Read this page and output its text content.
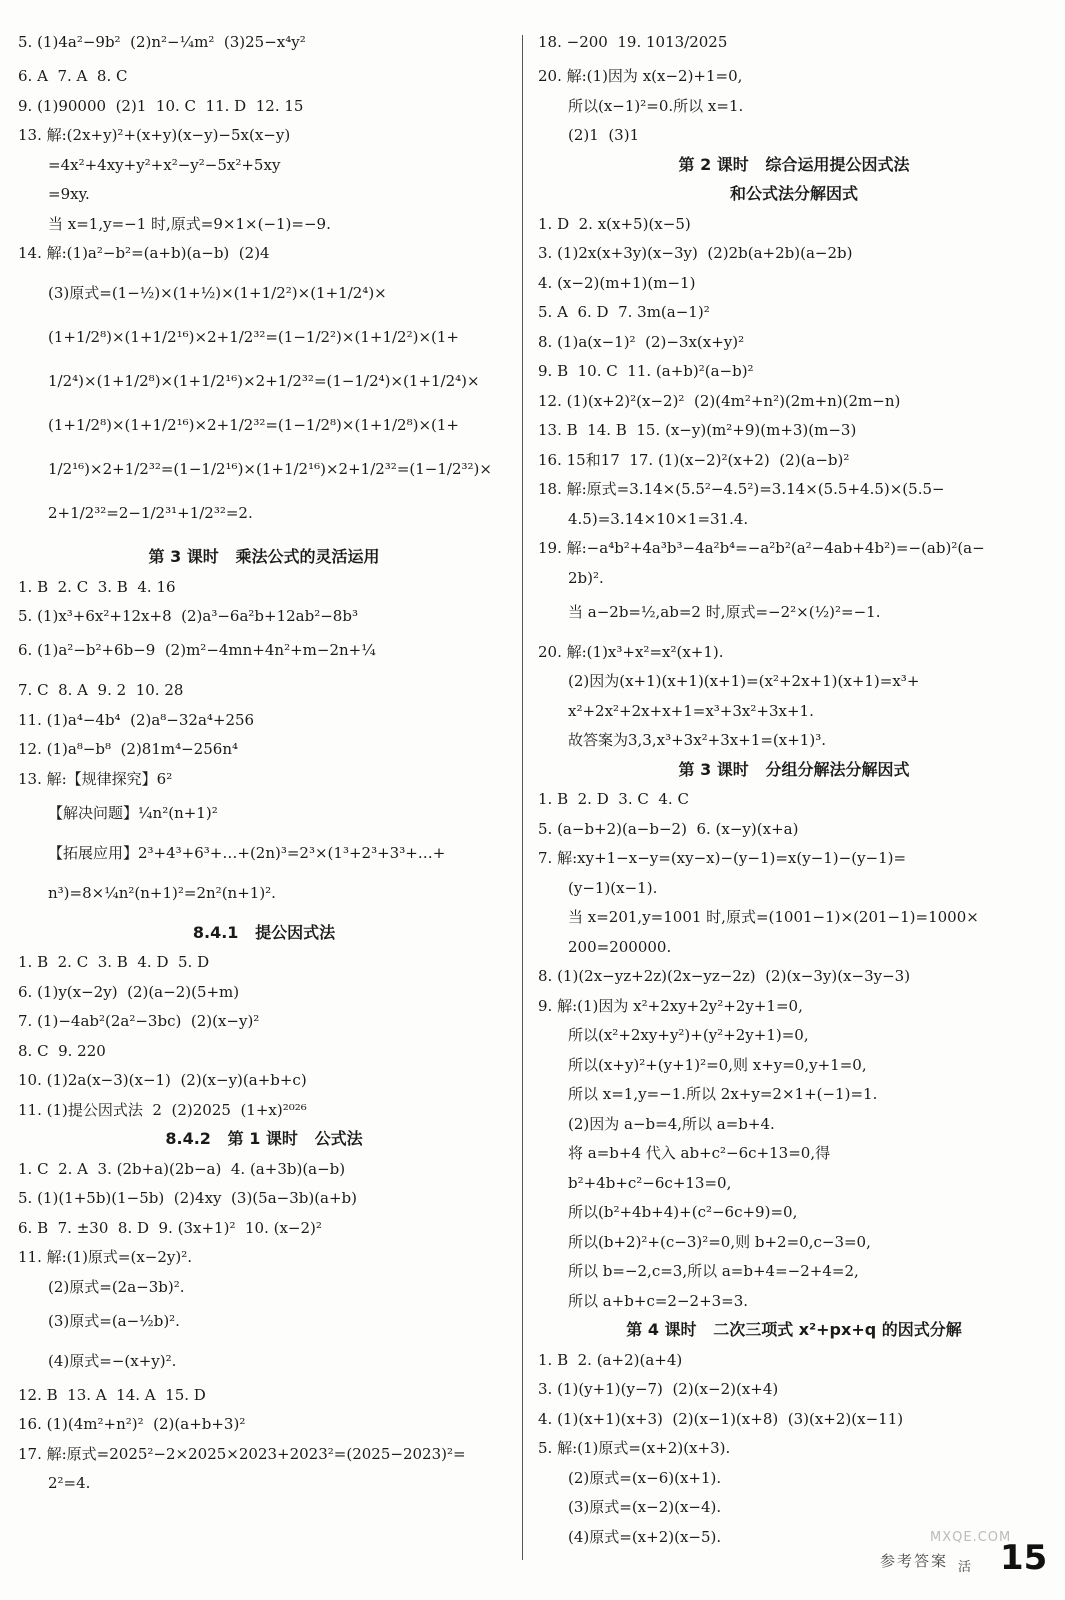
5. (1)4a²−9b²  (2)n²−¼m²  (3)25−x⁴y²
6. A  7. A  8. C
9. (1)90000  (2)1  10. C  11. D  12. 15
13. 解:(2x+y)²+(x+y)(x−y)−5x(x−y)
=4x²+4xy+y²+x²−y²−5x²+5xy
=9xy.
当 x=1,y=−1 时,原式=9×1×(−1)=−9.
14. 解:(1)a²−b²=(a+b)(a−b)  (2)4
(3)原式=(1−½)×(1+½)×(1+1/2²)×(1+1/2⁴)×
(1+1/2⁸)×(1+1/2¹⁶)×2+1/2³²=(1−1/2²)×(1+1/2²)×(1+
1/2⁴)×(1+1/2⁸)×(1+1/2¹⁶)×2+1/2³²=(1−1/2⁴)×(1+1/2⁴)×
(1+1/2⁸)×(1+1/2¹⁶)×2+1/2³²=(1−1/2⁸)×(1+1/2⁸)×(1+
1/2¹⁶)×2+1/2³²=(1−1/2¹⁶)×(1+1/2¹⁶)×2+1/2³²=(1−1/2³²)×
2+1/2³²=2−1/2³¹+1/2³²=2.
第 3 课时   乘法公式的灵活运用
1. B  2. C  3. B  4. 16
5. (1)x³+6x²+12x+8  (2)a³−6a²b+12ab²−8b³
6. (1)a²−b²+6b−9  (2)m²−4mn+4n²+m−2n+¼
7. C  8. A  9. 2  10. 28
11. (1)a⁴−4b⁴  (2)a⁸−32a⁴+256
12. (1)a⁸−b⁸  (2)81m⁴−256n⁴
13. 解:【规律探究】6²
【解决问题】¼n²(n+1)²
【拓展应用】2³+4³+6³+…+(2n)³=2³×(1³+2³+3³+…+
n³)=8×¼n²(n+1)²=2n²(n+1)².
8.4.1   提公因式法
1. B  2. C  3. B  4. D  5. D
6. (1)y(x−2y)  (2)(a−2)(5+m)
7. (1)−4ab²(2a²−3bc)  (2)(x−y)²
8. C  9. 220
10. (1)2a(x−3)(x−1)  (2)(x−y)(a+b+c)
11. (1)提公因式法  2  (2)2025  (1+x)²⁰²⁶
8.4.2   第 1 课时   公式法
1. C  2. A  3. (2b+a)(2b−a)  4. (a+3b)(a−b)
5. (1)(1+5b)(1−5b)  (2)4xy  (3)(5a−3b)(a+b)
6. B  7. ±30  8. D  9. (3x+1)²  10. (x−2)²
11. 解:(1)原式=(x−2y)².
(2)原式=(2a−3b)².
(3)原式=(a−½b)².
(4)原式=−(x+y)².
12. B  13. A  14. A  15. D
16. (1)(4m²+n²)²  (2)(a+b+3)²
17. 解:原式=2025²−2×2025×2023+2023²=(2025−2023)²=
2²=4.
18. −200  19. 1013/2025
20. 解:(1)因为 x(x−2)+1=0,
所以(x−1)²=0.所以 x=1.
(2)1  (3)1
第 2 课时   综合运用提公因式法
和公式法分解因式
1. D  2. x(x+5)(x−5)
3. (1)2x(x+3y)(x−3y)  (2)2b(a+2b)(a−2b)
4. (x−2)(m+1)(m−1)
5. A  6. D  7. 3m(a−1)²
8. (1)a(x−1)²  (2)−3x(x+y)²
9. B  10. C  11. (a+b)²(a−b)²
12. (1)(x+2)²(x−2)²  (2)(4m²+n²)(2m+n)(2m−n)
13. B  14. B  15. (x−y)(m²+9)(m+3)(m−3)
16. 15和17  17. (1)(x−2)²(x+2)  (2)(a−b)²
18. 解:原式=3.14×(5.5²−4.5²)=3.14×(5.5+4.5)×(5.5−
4.5)=3.14×10×1=31.4.
19. 解:−a⁴b²+4a³b³−4a²b⁴=−a²b²(a²−4ab+4b²)=−(ab)²(a−
2b)².
当 a−2b=½,ab=2 时,原式=−2²×(½)²=−1.
20. 解:(1)x³+x²=x²(x+1).
(2)因为(x+1)(x+1)(x+1)=(x²+2x+1)(x+1)=x³+
x²+2x²+2x+x+1=x³+3x²+3x+1.
故答案为3,3,x³+3x²+3x+1=(x+1)³.
第 3 课时   分组分解法分解因式
1. B  2. D  3. C  4. C
5. (a−b+2)(a−b−2)  6. (x−y)(x+a)
7. 解:xy+1−x−y=(xy−x)−(y−1)=x(y−1)−(y−1)=
(y−1)(x−1).
当 x=201,y=1001 时,原式=(1001−1)×(201−1)=1000×
200=200000.
8. (1)(2x−yz+2z)(2x−yz−2z)  (2)(x−3y)(x−3y−3)
9. 解:(1)因为 x²+2xy+2y²+2y+1=0,
所以(x²+2xy+y²)+(y²+2y+1)=0,
所以(x+y)²+(y+1)²=0,则 x+y=0,y+1=0,
所以 x=1,y=−1.所以 2x+y=2×1+(−1)=1.
(2)因为 a−b=4,所以 a=b+4.
将 a=b+4 代入 ab+c²−6c+13=0,得
b²+4b+c²−6c+13=0,
所以(b²+4b+4)+(c²−6c+9)=0,
所以(b+2)²+(c−3)²=0,则 b+2=0,c−3=0,
所以 b=−2,c=3,所以 a=b+4=−2+4=2,
所以 a+b+c=2−2+3=3.
第 4 课时   二次三项式 x²+px+q 的因式分解
1. B  2. (a+2)(a+4)
3. (1)(y+1)(y−7)  (2)(x−2)(x+4)
4. (1)(x+1)(x+3)  (2)(x−1)(x+8)  (3)(x+2)(x−11)
5. 解:(1)原式=(x+2)(x+3).
(2)原式=(x−6)(x+1).
(3)原式=(x−2)(x−4).
(4)原式=(x+2)(x−5).
参考答案 活 15
MXQE.COM
